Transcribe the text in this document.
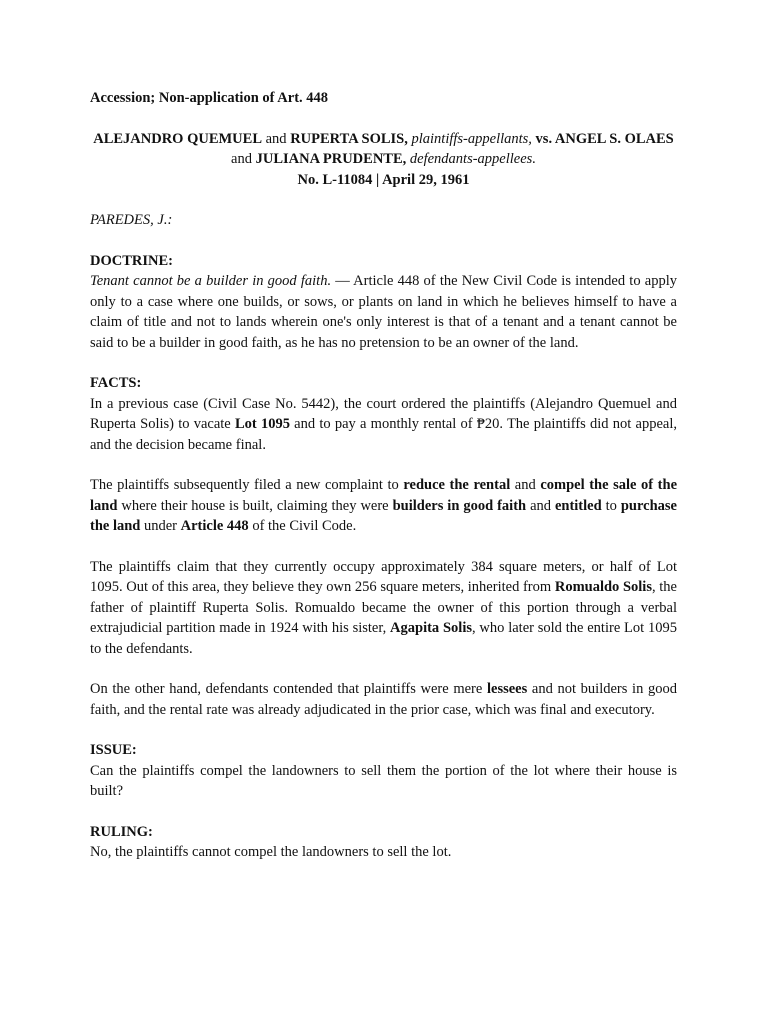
Accession; Non-application of Art. 448

ALEJANDRO QUEMUEL and RUPERTA SOLIS, plaintiffs-appellants, vs. ANGEL S. OLAES and JULIANA PRUDENTE, defendants-appellees.
No. L-11084 | April 29, 1961

PAREDES, J.:

DOCTRINE:

Tenant cannot be a builder in good faith. — Article 448 of the New Civil Code is intended to apply only to a case where one builds, or sows, or plants on land in which he believes himself to have a claim of title and not to lands wherein one's only interest is that of a tenant and a tenant cannot be said to be a builder in good faith, as he has no pretension to be an owner of the land.

FACTS:

In a previous case (Civil Case No. 5442), the court ordered the plaintiffs (Alejandro Quemuel and Ruperta Solis) to vacate Lot 1095 and to pay a monthly rental of ₱20. The plaintiffs did not appeal, and the decision became final.

The plaintiffs subsequently filed a new complaint to reduce the rental and compel the sale of the land where their house is built, claiming they were builders in good faith and entitled to purchase the land under Article 448 of the Civil Code.

The plaintiffs claim that they currently occupy approximately 384 square meters, or half of Lot 1095. Out of this area, they believe they own 256 square meters, inherited from Romualdo Solis, the father of plaintiff Ruperta Solis. Romualdo became the owner of this portion through a verbal extrajudicial partition made in 1924 with his sister, Agapita Solis, who later sold the entire Lot 1095 to the defendants.

On the other hand, defendants contended that plaintiffs were mere lessees and not builders in good faith, and the rental rate was already adjudicated in the prior case, which was final and executory.

ISSUE:

Can the plaintiffs compel the landowners to sell them the portion of the lot where their house is built?

RULING:

No, the plaintiffs cannot compel the landowners to sell the lot.
